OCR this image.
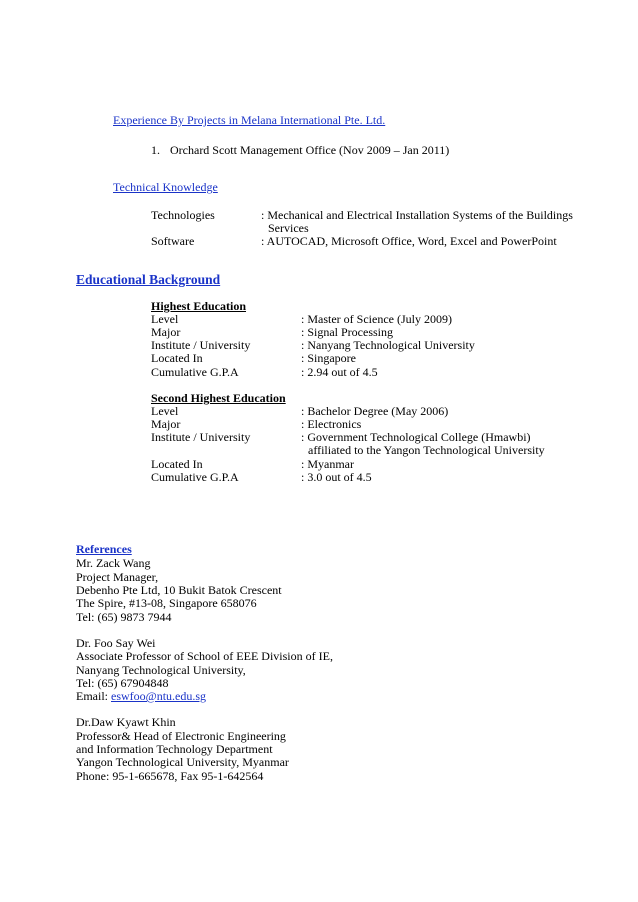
Experience By Projects in Melana International Pte. Ltd.
1. Orchard Scott Management Office (Nov 2009 – Jan 2011)
Technical Knowledge
Technologies	: Mechanical and Electrical Installation Systems of the Buildings
Services
Software	: AUTOCAD, Microsoft Office, Word, Excel and PowerPoint
Educational Background
Highest Education
Level	: Master of Science (July 2009)
Major	: Signal Processing
Institute / University	: Nanyang Technological University
Located In	: Singapore
Cumulative G.P.A	: 2.94 out of 4.5
Second Highest Education
Level	: Bachelor Degree (May 2006)
Major	: Electronics
Institute / University	: Government Technological College (Hmawbi)
affiliated to the Yangon Technological University
Located In	: Myanmar
Cumulative G.P.A	: 3.0 out of 4.5
References
Mr. Zack Wang
Project Manager,
Debenho Pte Ltd, 10 Bukit Batok Crescent
The Spire, #13-08, Singapore 658076
Tel: (65) 9873 7944
Dr. Foo Say Wei
Associate Professor of School of EEE Division of IE,
Nanyang Technological University,
Tel: (65) 67904848
Email: eswfoo@ntu.edu.sg
Dr.Daw Kyawt Khin
Professor& Head of Electronic Engineering
and Information Technology Department
Yangon Technological University, Myanmar
Phone: 95-1-665678, Fax 95-1-642564
